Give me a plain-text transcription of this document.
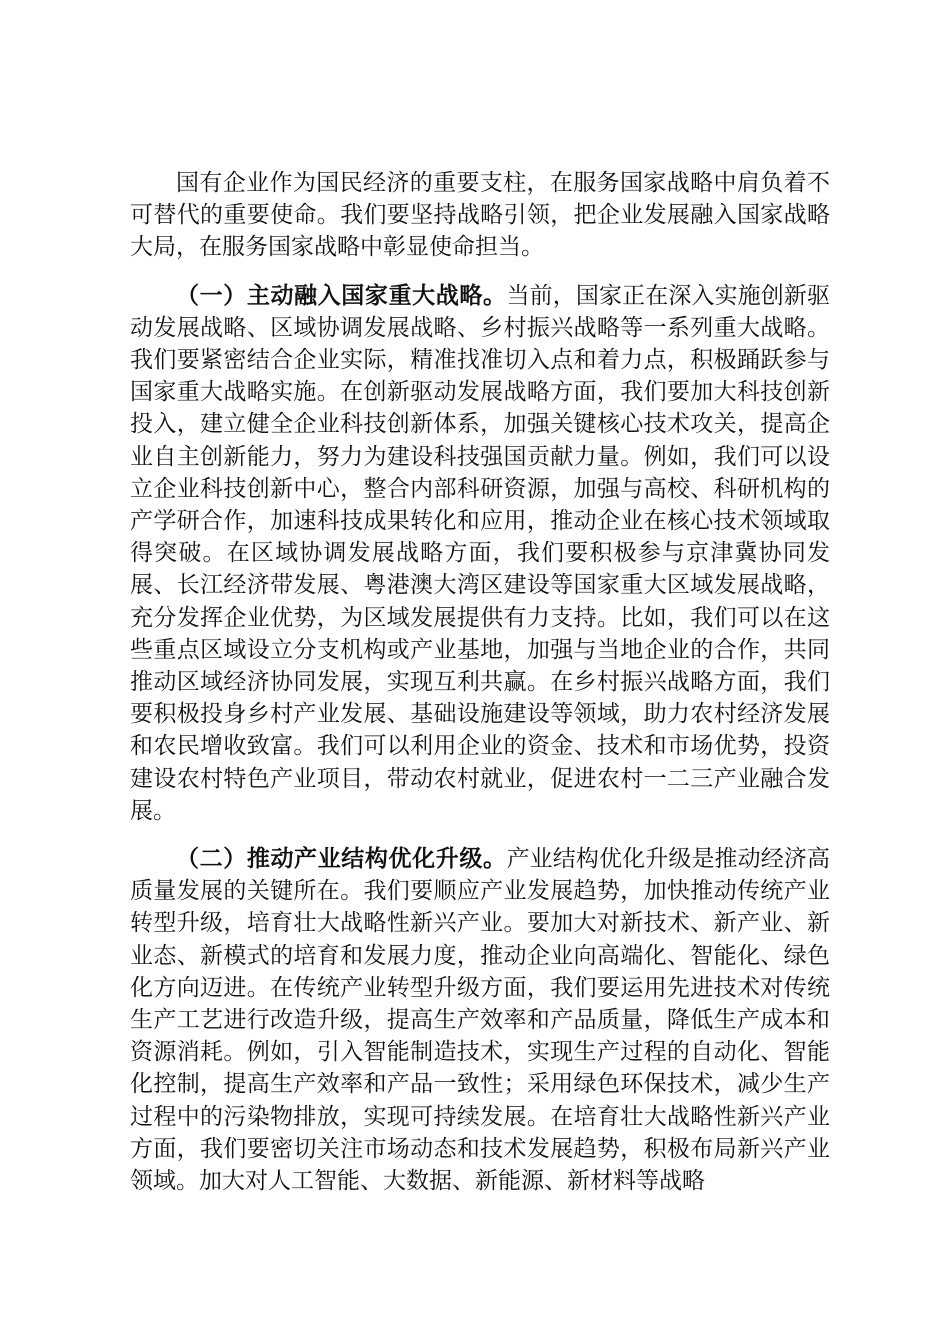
国有企业作为国民经济的重要支柱，在服务国家战略中肩负着不可替代的重要使命。我们要坚持战略引领，把企业发展融入国家战略大局，在服务国家战略中彰显使命担当。

（一）主动融入国家重大战略。当前，国家正在深入实施创新驱动发展战略、区域协调发展战略、乡村振兴战略等一系列重大战略。我们要紧密结合企业实际，精准找准切入点和着力点，积极踊跃参与国家重大战略实施。在创新驱动发展战略方面，我们要加大科技创新投入，建立健全企业科技创新体系，加强关键核心技术攻关，提高企业自主创新能力，努力为建设科技强国贡献力量。例如，我们可以设立企业科技创新中心，整合内部科研资源，加强与高校、科研机构的产学研合作，加速科技成果转化和应用，推动企业在核心技术领域取得突破。在区域协调发展战略方面，我们要积极参与京津冀协同发展、长江经济带发展、粤港澳大湾区建设等国家重大区域发展战略，充分发挥企业优势，为区域发展提供有力支持。比如，我们可以在这些重点区域设立分支机构或产业基地，加强与当地企业的合作，共同推动区域经济协同发展，实现互利共赢。在乡村振兴战略方面，我们要积极投身乡村产业发展、基础设施建设等领域，助力农村经济发展和农民增收致富。我们可以利用企业的资金、技术和市场优势，投资建设农村特色产业项目，带动农村就业，促进农村一二三产业融合发展。

（二）推动产业结构优化升级。产业结构优化升级是推动经济高质量发展的关键所在。我们要顺应产业发展趋势，加快推动传统产业转型升级，培育壮大战略性新兴产业。要加大对新技术、新产业、新业态、新模式的培育和发展力度，推动企业向高端化、智能化、绿色化方向迈进。在传统产业转型升级方面，我们要运用先进技术对传统生产工艺进行改造升级，提高生产效率和产品质量，降低生产成本和资源消耗。例如，引入智能制造技术，实现生产过程的自动化、智能化控制，提高生产效率和产品一致性；采用绿色环保技术，减少生产过程中的污染物排放，实现可持续发展。在培育壮大战略性新兴产业方面，我们要密切关注市场动态和技术发展趋势，积极布局新兴产业领域。加大对人工智能、大数据、新能源、新材料等战略
